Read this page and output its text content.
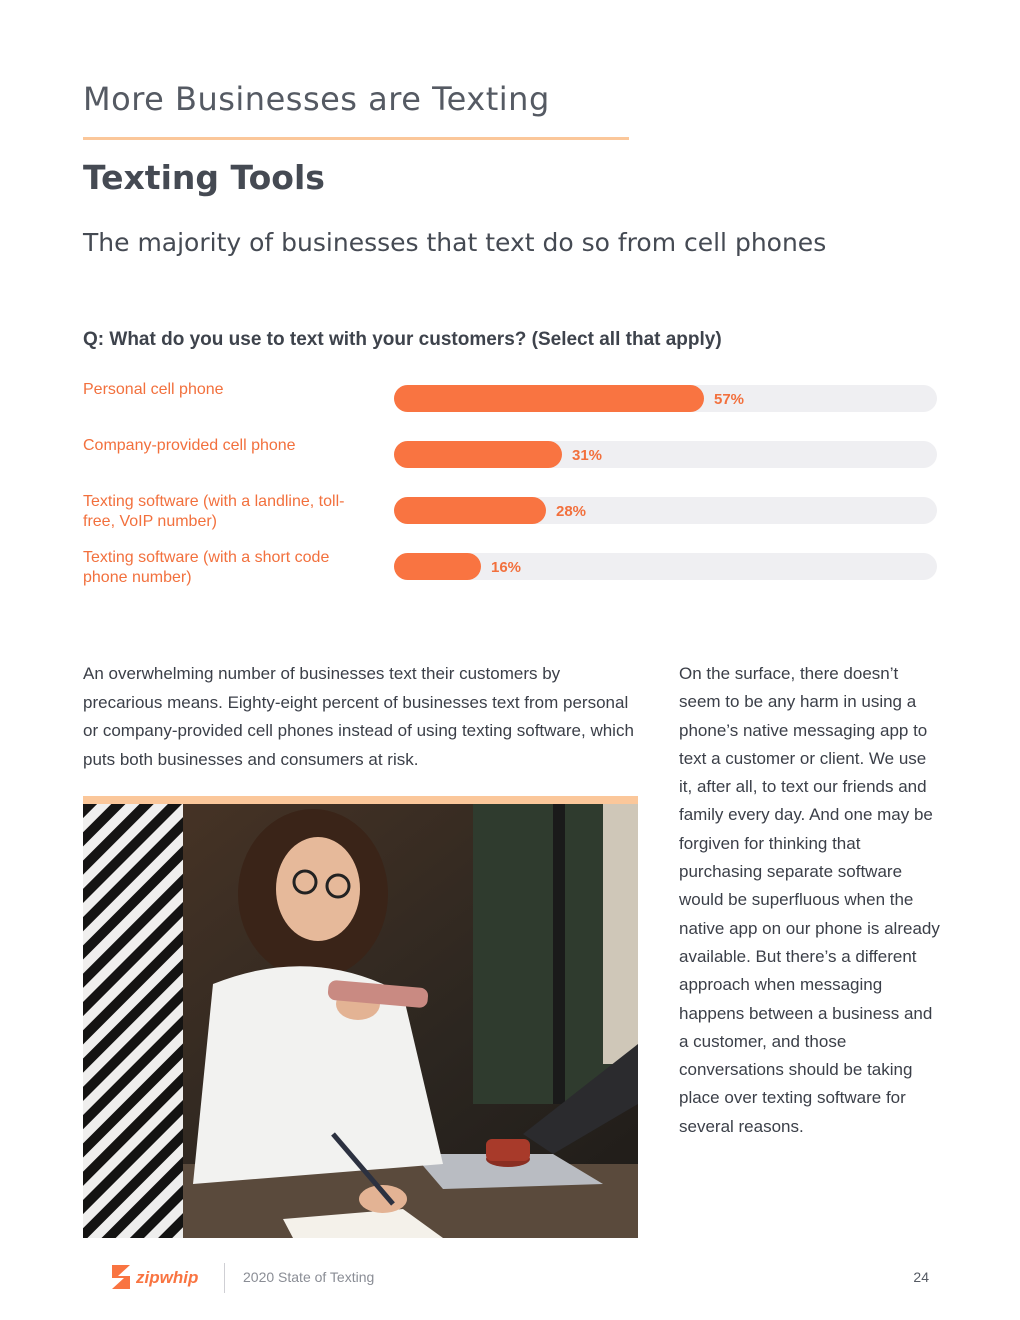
More Businesses are Texting
Texting Tools
The majority of businesses that text do so from cell phones
Q: What do you use to text with your customers? (Select all that apply)
Personal cell phone
57%
Company-provided cell phone
31%
Texting software (with a landline, toll-free, VoIP number)
28%
Texting software (with a short code phone number)
16%
An overwhelming number of businesses text their customers by precarious means. Eighty-eight percent of businesses text from personal or company-provided cell phones instead of using texting software, which puts both businesses and consumers at risk.
On the surface, there doesn’t seem to be any harm in using a phone’s native messaging app to text a customer or client. We use it, after all, to text our friends and family every day. And one may be forgiven for thinking that purchasing separate software would be superfluous when the native app on our phone is already available. But there’s a different approach when messaging happens between a business and a customer, and those conversations should be taking place over texting software for several reasons.
zipwhip	2020 State of Texting	24
